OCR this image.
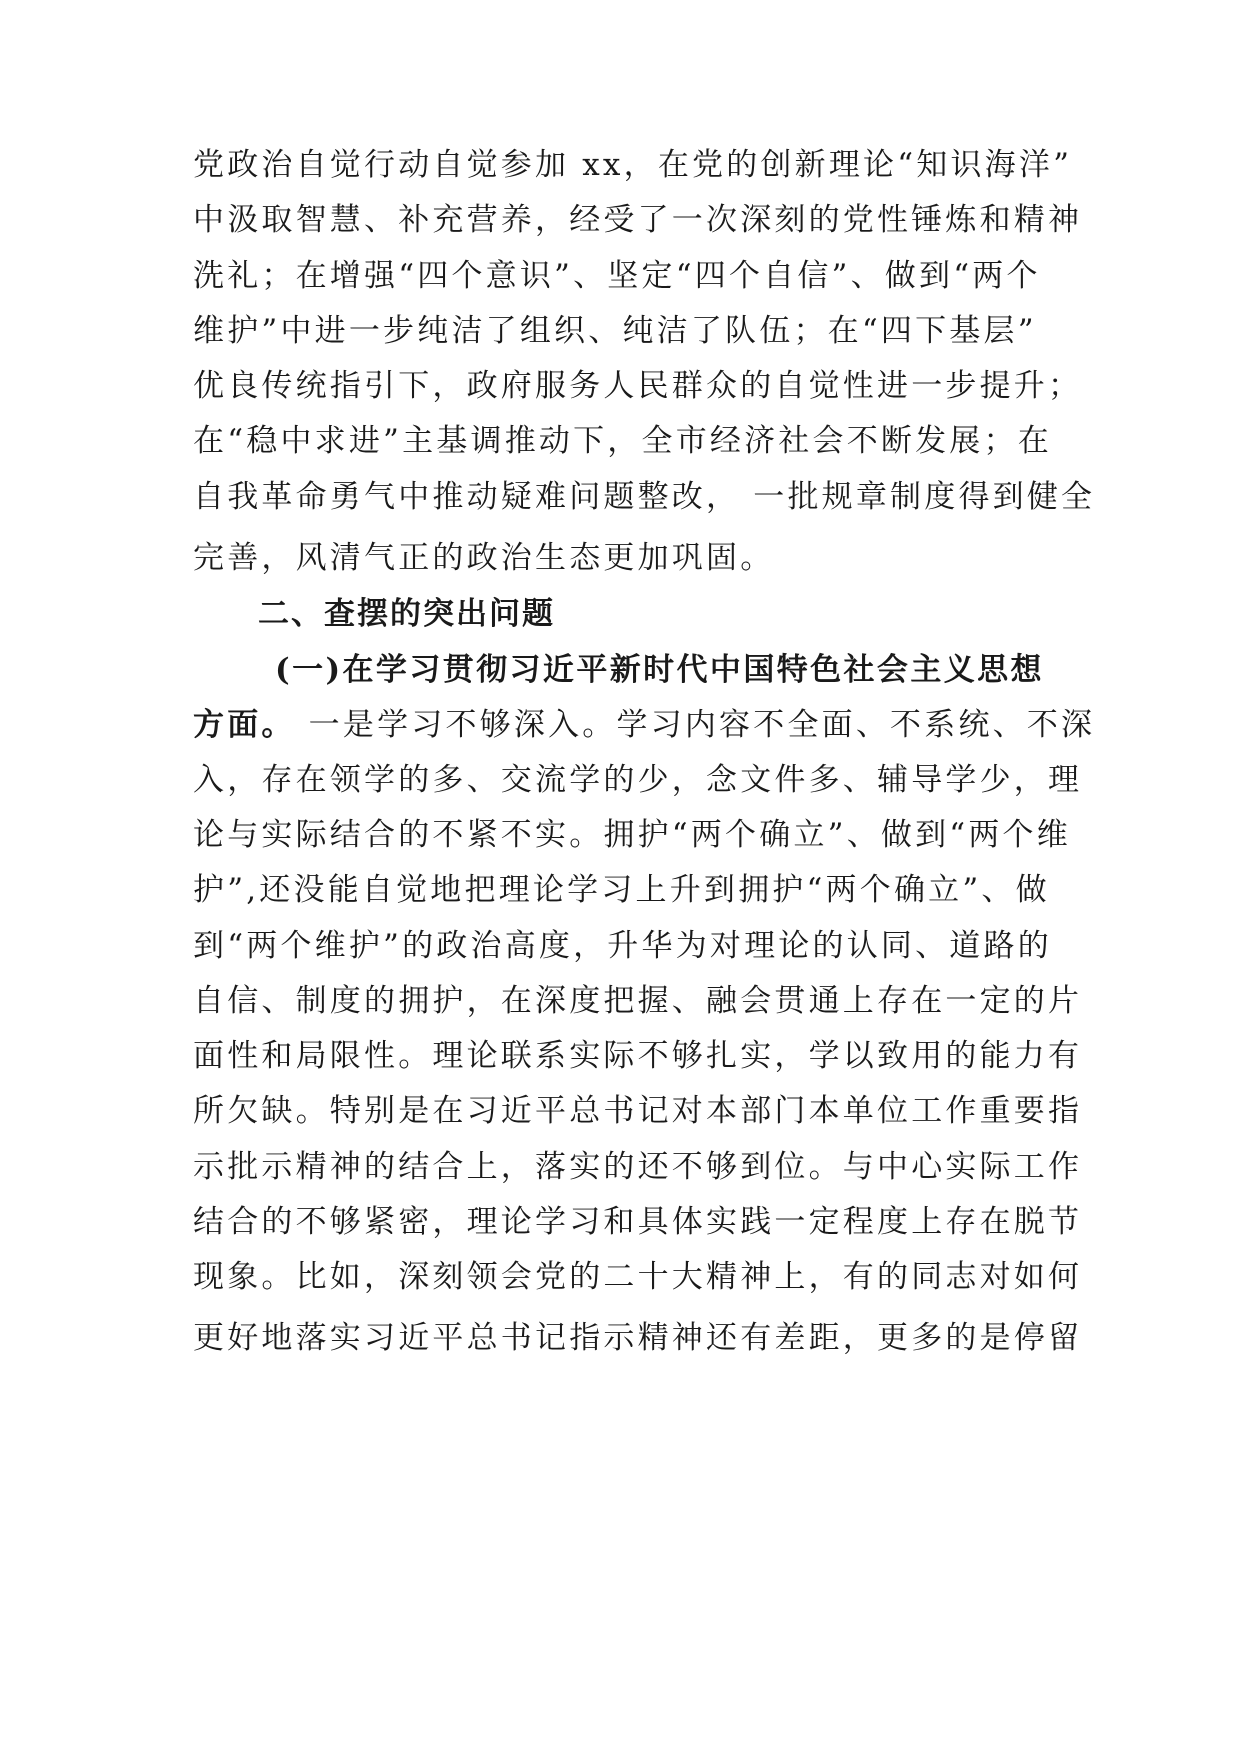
党政治自觉行动自觉参加 xx，在党的创新理论“知识海洋”
中汲取智慧、补充营养，经受了一次深刻的党性锤炼和精神
洗礼；在增强“四个意识”、坚定“四个自信”、做到“两个
维护”中进一步纯洁了组织、纯洁了队伍；在“四下基层”
优良传统指引下，政府服务人民群众的自觉性进一步提升；
在“稳中求进”主基调推动下，全市经济社会不断发展；在
自我革命勇气中推动疑难问题整改， 一批规章制度得到健全
完善，风清气正的政治生态更加巩固。
二、查摆的突出问题
(一)在学习贯彻习近平新时代中国特色社会主义思想
方面。 一是学习不够深入。学习内容不全面、不系统、不深
入，存在领学的多、交流学的少，念文件多、辅导学少，理
论与实际结合的不紧不实。拥护“两个确立”、做到“两个维
护”,还没能自觉地把理论学习上升到拥护“两个确立”、做
到“两个维护”的政治高度，升华为对理论的认同、道路的
自信、制度的拥护，在深度把握、融会贯通上存在一定的片
面性和局限性。理论联系实际不够扎实，学以致用的能力有
所欠缺。特别是在习近平总书记对本部门本单位工作重要指
示批示精神的结合上，落实的还不够到位。与中心实际工作
结合的不够紧密，理论学习和具体实践一定程度上存在脱节
现象。比如，深刻领会党的二十大精神上，有的同志对如何
更好地落实习近平总书记指示精神还有差距，更多的是停留
